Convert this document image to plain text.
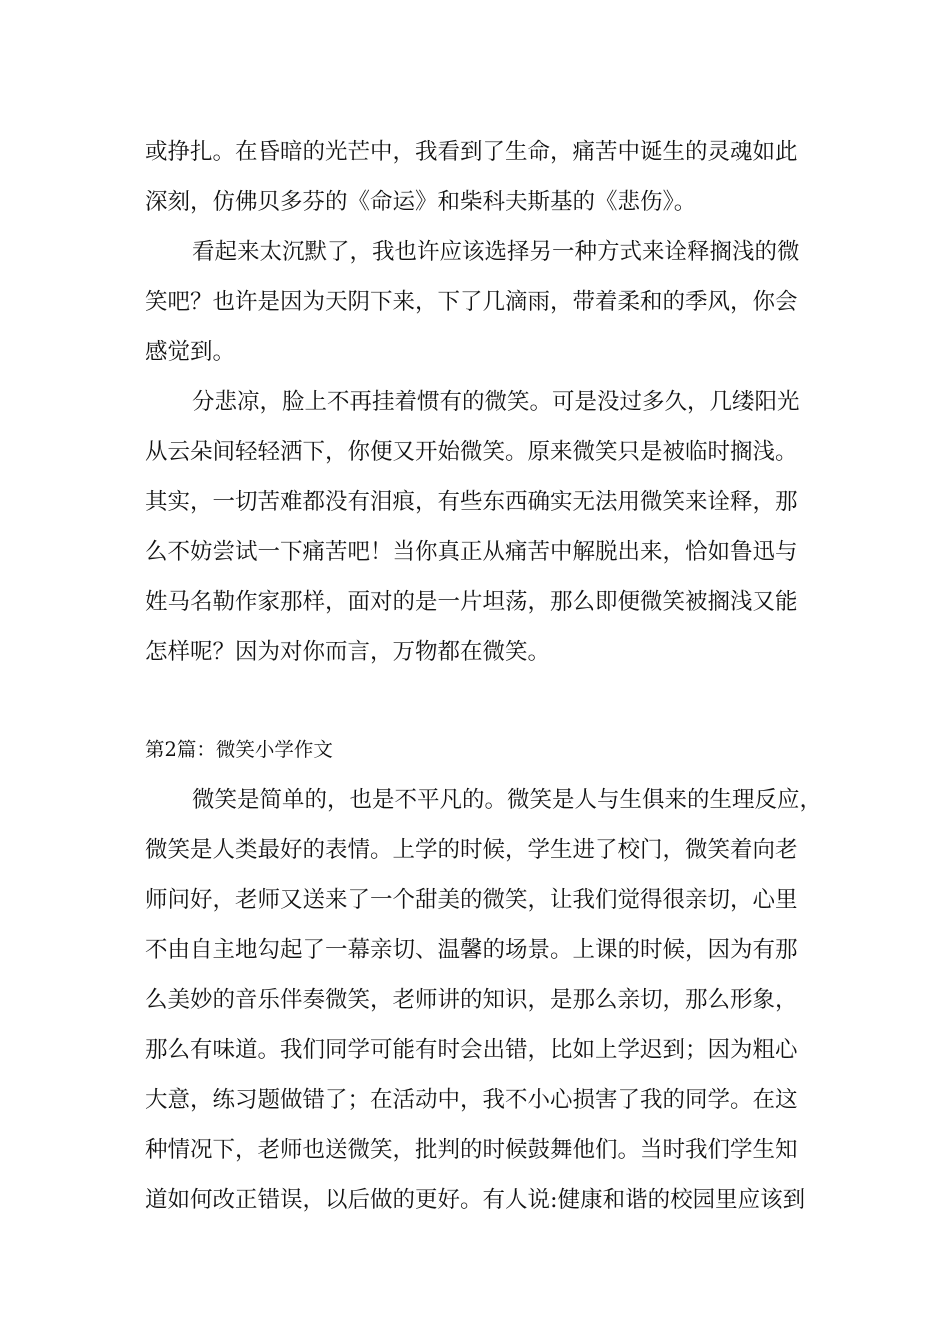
或挣扎。在昏暗的光芒中，我看到了生命，痛苦中诞生的灵魂如此
深刻，仿佛贝多芬的《命运》和柴科夫斯基的《悲伤》。
看起来太沉默了，我也许应该选择另一种方式来诠释搁浅的微
笑吧？也许是因为天阴下来，下了几滴雨，带着柔和的季风，你会
感觉到。
分悲凉，脸上不再挂着惯有的微笑。可是没过多久，几缕阳光
从云朵间轻轻洒下，你便又开始微笑。原来微笑只是被临时搁浅。
其实，一切苦难都没有泪痕，有些东西确实无法用微笑来诠释，那
么不妨尝试一下痛苦吧！当你真正从痛苦中解脱出来，恰如鲁迅与
姓马名勒作家那样，面对的是一片坦荡，那么即便微笑被搁浅又能
怎样呢？因为对你而言，万物都在微笑。
第2篇：微笑小学作文
微笑是简单的，也是不平凡的。微笑是人与生俱来的生理反应，
微笑是人类最好的表情。上学的时候，学生进了校门，微笑着向老
师问好，老师又送来了一个甜美的微笑，让我们觉得很亲切，心里
不由自主地勾起了一幕亲切、温馨的场景。上课的时候，因为有那
么美妙的音乐伴奏微笑，老师讲的知识，是那么亲切，那么形象，
那么有味道。我们同学可能有时会出错，比如上学迟到；因为粗心
大意，练习题做错了；在活动中，我不小心损害了我的同学。在这
种情况下，老师也送微笑，批判的时候鼓舞他们。当时我们学生知
道如何改正错误，以后做的更好。有人说:健康和谐的校园里应该到
